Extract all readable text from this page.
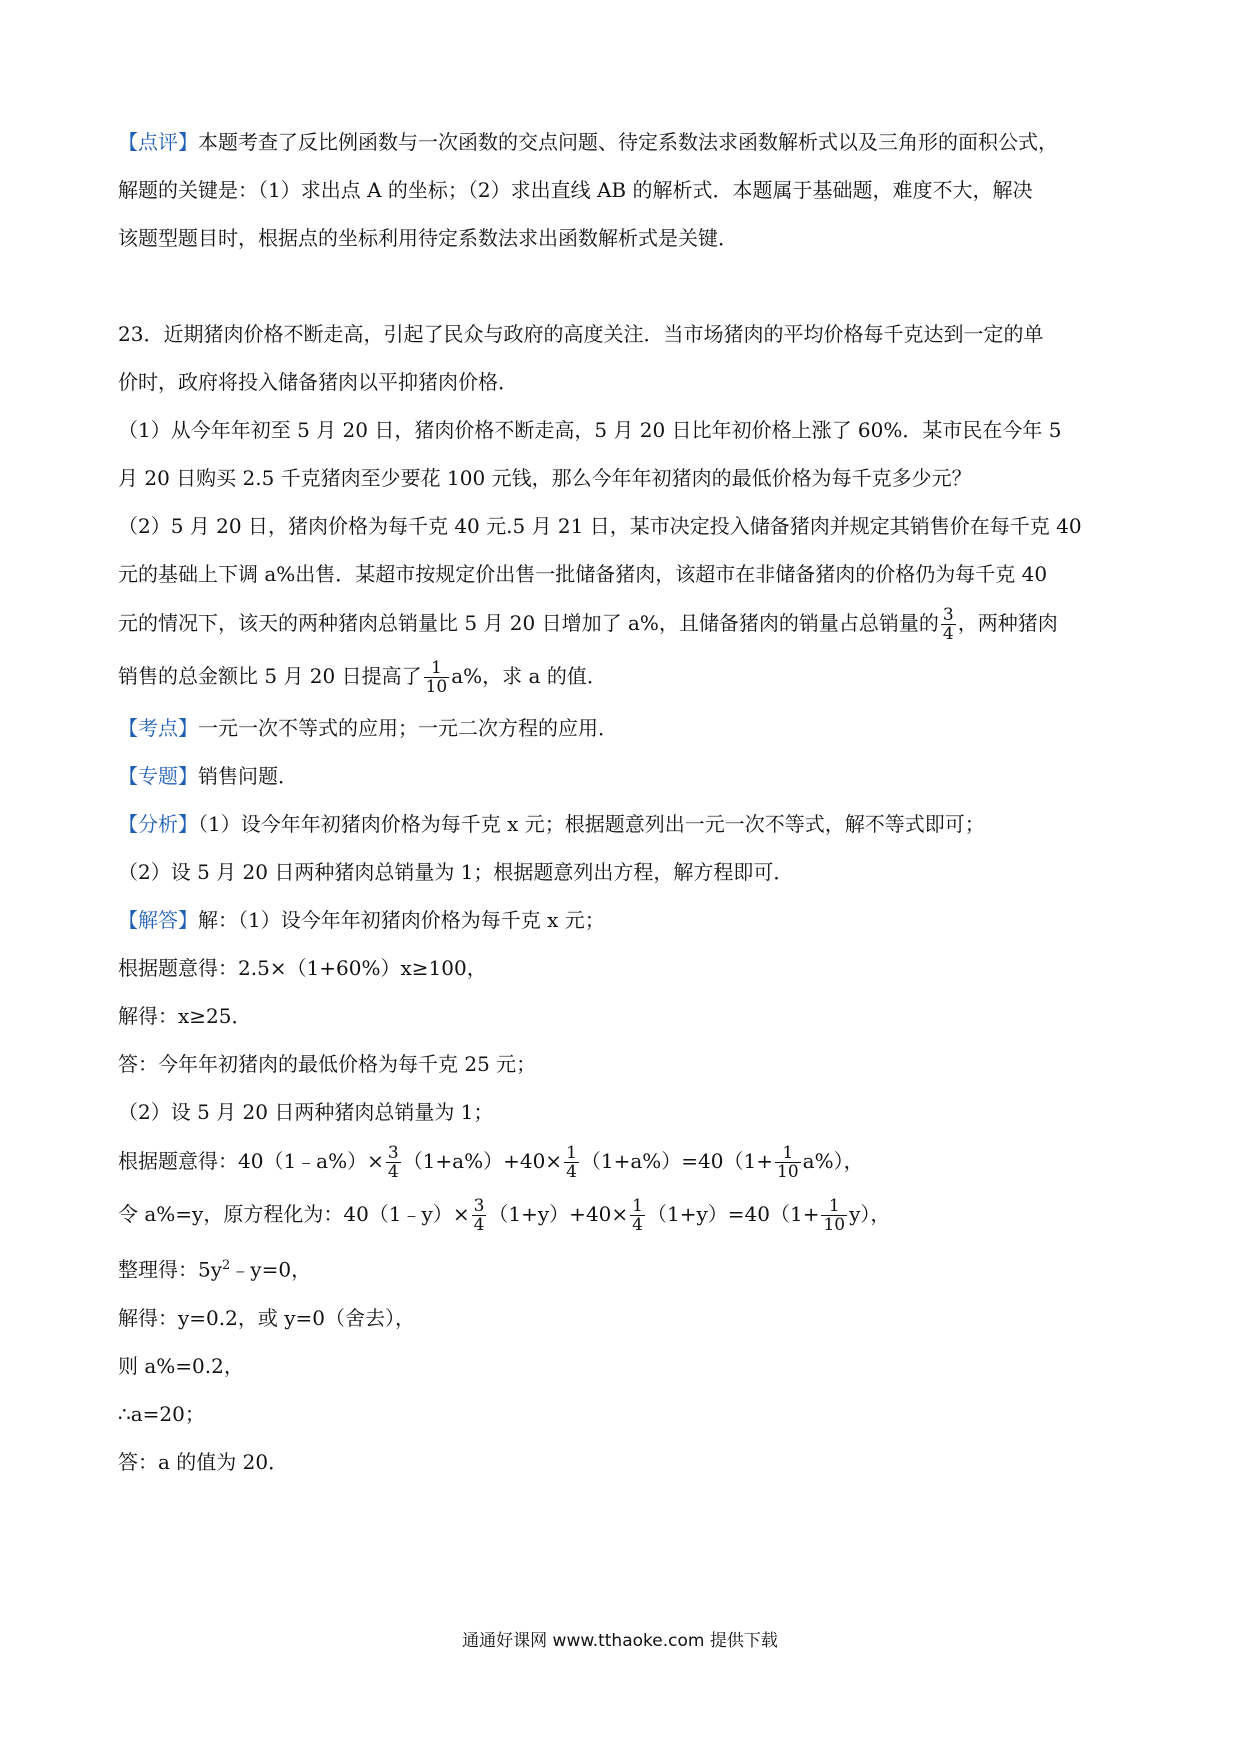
【点评】本题考查了反比例函数与一次函数的交点问题、待定系数法求函数解析式以及三角形的面积公式，
解题的关键是：（1）求出点 A 的坐标；（2）求出直线 AB 的解析式．本题属于基础题，难度不大，解决
该题型题目时，根据点的坐标利用待定系数法求出函数解析式是关键．
23．近期猪肉价格不断走高，引起了民众与政府的高度关注．当市场猪肉的平均价格每千克达到一定的单
价时，政府将投入储备猪肉以平抑猪肉价格．
（1）从今年年初至 5 月 20 日，猪肉价格不断走高，5 月 20 日比年初价格上涨了 60%．某市民在今年 5
月 20 日购买 2.5 千克猪肉至少要花 100 元钱，那么今年年初猪肉的最低价格为每千克多少元？
（2）5 月 20 日，猪肉价格为每千克 40 元.5 月 21 日，某市决定投入储备猪肉并规定其销售价在每千克 40
元的基础上下调 a%出售．某超市按规定价出售一批储备猪肉，该超市在非储备猪肉的价格仍为每千克 40
元的情况下，该天的两种猪肉总销量比 5 月 20 日增加了 a%，且储备猪肉的销量占总销量的 $\frac{3}{4}$ ，两种猪肉
销售的总金额比 5 月 20 日提高了 $\frac{1}{10} a\%$，求 a 的值．
【考点】一元一次不等式的应用；一元二次方程的应用．
【专题】销售问题．
【分析】（1）设今年年初猪肉价格为每千克 x 元；根据题意列出一元一次不等式，解不等式即可；
（2）设 5 月 20 日两种猪肉总销量为 1；根据题意列出方程，解方程即可．
【解答】解：（1）设今年年初猪肉价格为每千克 x 元；
根据题意得：2.5×（1+60%）x≥100，
解得：x≥25．
答：今年年初猪肉的最低价格为每千克 25 元；
（2）设 5 月 20 日两种猪肉总销量为 1；
根据题意得：40（1﹣a%）× $\frac{3}{4} (1+a\%)+40\times \frac{1}{4} (1+a\%)=40(1+ \frac{1}{10} a\%)$，
令 a%=y，原方程化为：40（1﹣y）× $\frac{3}{4} (1+y)+40\times \frac{1}{4} (1+y)=40(1+ \frac{1}{10} y)$，
整理得：$5y^2﹣y=0$，
解得：y=0.2，或 y=0（舍去），
则 a%=0.2，
∴a=20；
答：a 的值为 20．
通通好课网 www.tthaoke.com 提供下载
